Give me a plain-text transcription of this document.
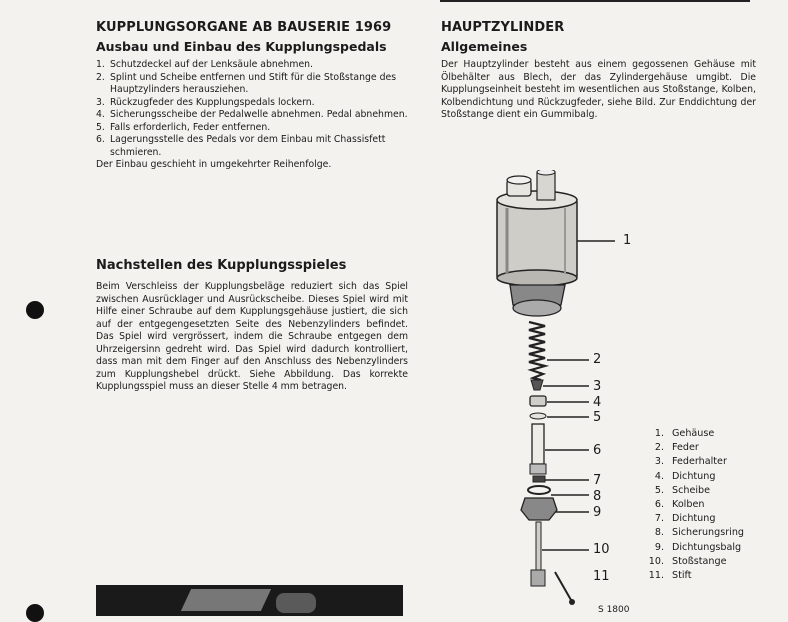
KUPPLUNGSORGANE AB BAUSERIE 1969
Ausbau und Einbau des Kupplungspedals
1. Schutzdeckel auf der Lenksäule abnehmen.
2. Splint und Scheibe entfernen und Stift für die Stoßstange des Hauptzylinders herausziehen.
3. Rückzugfeder des Kupplungspedals lockern.
4. Sicherungsscheibe der Pedalwelle abnehmen. Pedal abnehmen.
5. Falls erforderlich, Feder entfernen.
6. Lagerungsstelle des Pedals vor dem Einbau mit Chassisfett schmieren.

Der Einbau geschieht in umgekehrter Reihenfolge.

Nachstellen des Kupplungsspieles

Beim Verschleiss der Kupplungsbeläge reduziert sich das Spiel zwischen Ausrücklager und Ausrückscheibe. Dieses Spiel wird mit Hilfe einer Schraube auf dem Kupplungsgehäuse justiert, die sich auf der entgegengesetzten Seite des Nebenzylinders befindet. Das Spiel wird vergrössert, indem die Schraube entgegen dem Uhrzeigersinn gedreht wird. Das Spiel wird dadurch kontrolliert, dass man mit dem Finger auf den Anschluss des Nebenzylinders zum Kupplungshebel drückt. Siehe Abbildung. Das korrekte Kupplungsspiel muss an dieser Stelle 4 mm betragen.

HAUPTZYLINDER
Allgemeines

Der Hauptzylinder besteht aus einem gegossenen Gehäuse mit Ölbehälter aus Blech, der das Zylindergehäuse umgibt. Die Kupplungseinheit besteht im wesentlichen aus Stoßstange, Kolben, Kolbendichtung und Rückzugfeder, siehe Bild. Zur Enddichtung der Stoßstange dient ein Gummibalg.

1
2
3
4
5
6
7
8
9
10
11
1. Gehäuse
2. Feder
3. Federhalter
4. Dichtung
5. Scheibe
6. Kolben
7. Dichtung
8. Sicherungsring
9. Dichtungsbalg
10. Stoßstange
11. Stift
S 1800
